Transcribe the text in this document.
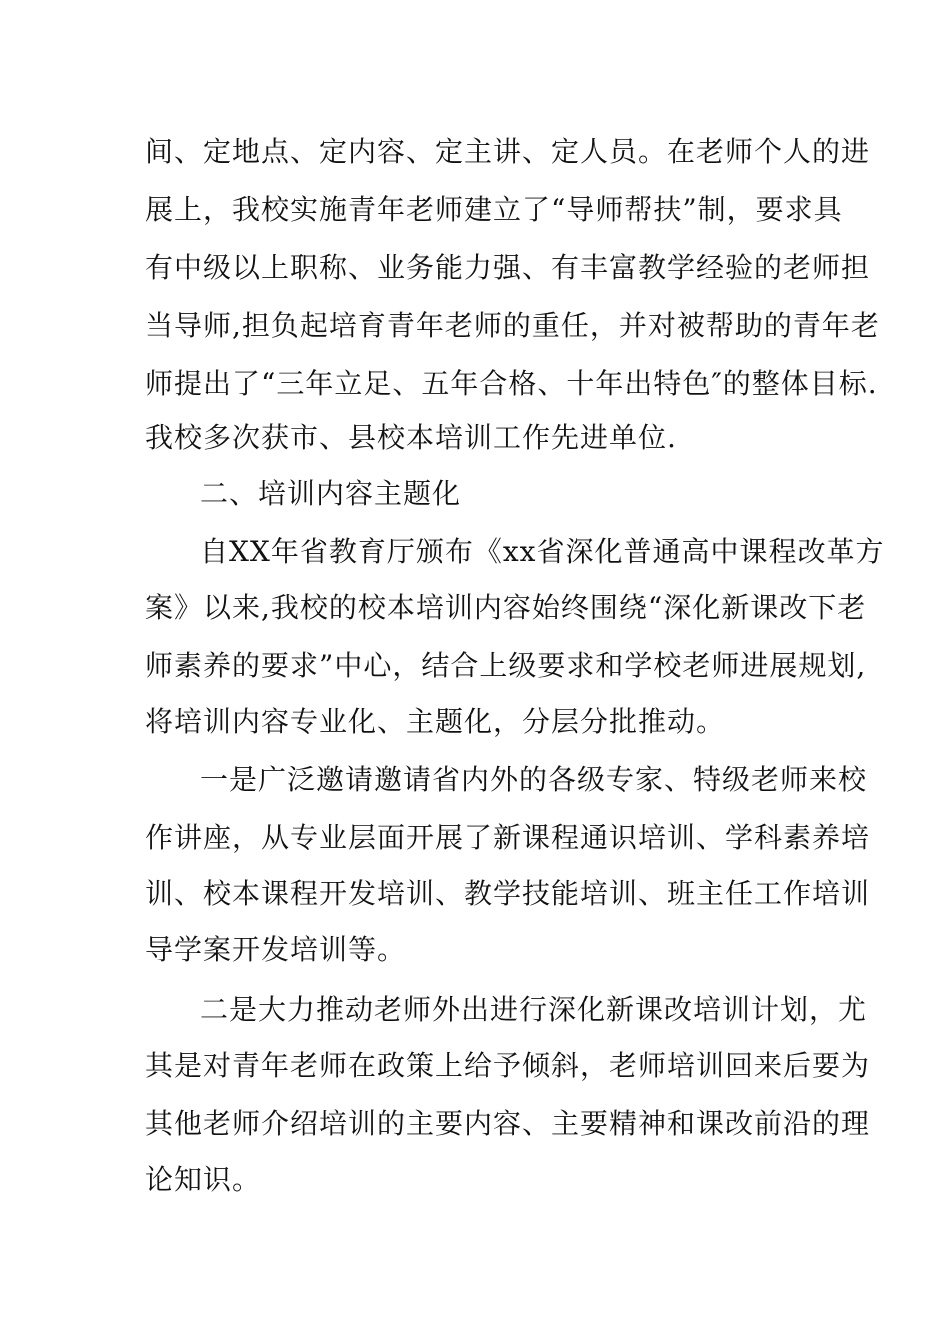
间、定地点、定内容、定主讲、定人员。在老师个人的进
展上，我校实施青年老师建立了“导师帮扶”制，要求具
有中级以上职称、业务能力强、有丰富教学经验的老师担
当导师,担负起培育青年老师的重任，并对被帮助的青年老
师提出了“三年立足、五年合格、十年出特色″的整体目标.
我校多次获市、县校本培训工作先进单位.
二、培训内容主题化
自XX年省教育厅颁布《xx省深化普通高中课程改革方
案》以来,我校的校本培训内容始终围绕“深化新课改下老
师素养的要求”中心，结合上级要求和学校老师进展规划,
将培训内容专业化、主题化，分层分批推动。
一是广泛邀请邀请省内外的各级专家、特级老师来校
作讲座，从专业层面开展了新课程通识培训、学科素养培
训、校本课程开发培训、教学技能培训、班主任工作培训
导学案开发培训等。
二是大力推动老师外出进行深化新课改培训计划，尤
其是对青年老师在政策上给予倾斜，老师培训回来后要为
其他老师介绍培训的主要内容、主要精神和课改前沿的理
论知识。
